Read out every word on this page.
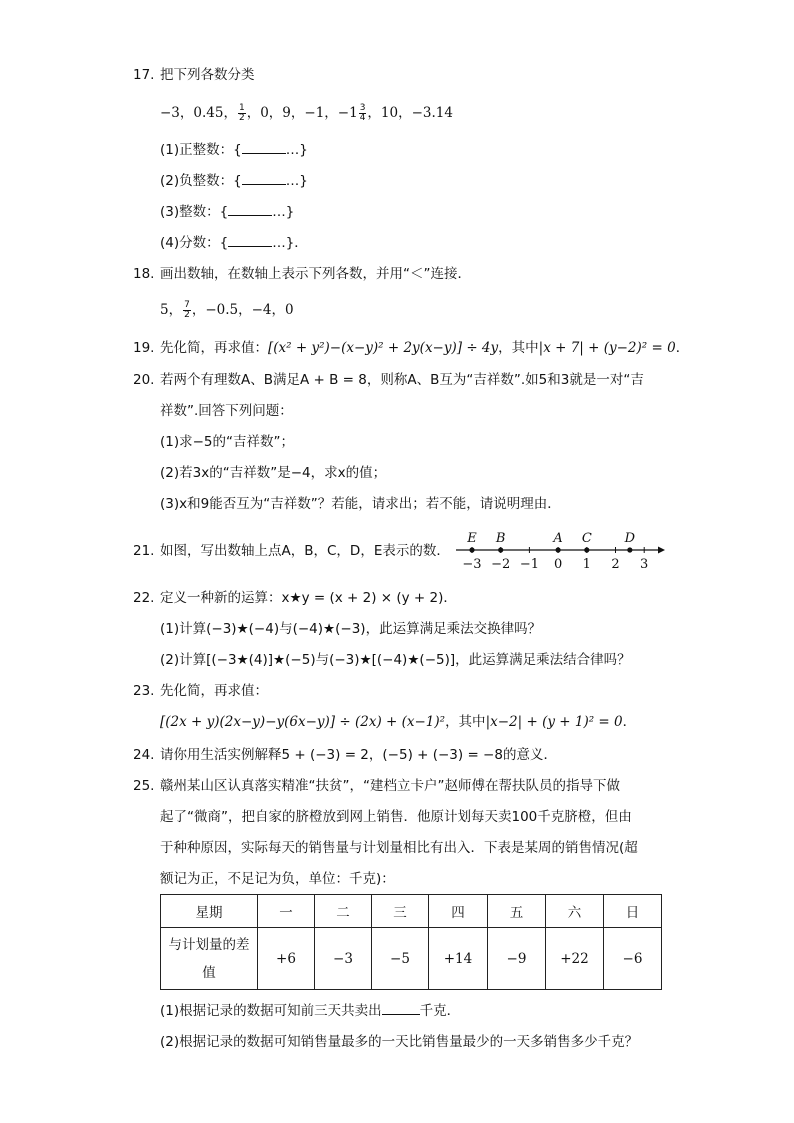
17. 把下列各数分类
−3，0.45， $\frac{1}{2}$ ，0，9，−1，$-1 \frac{3}{4}$ ，10，−3.14
(1)正整数：{	…}
(2)负整数：{	…}
(3)整数：{	…}
(4)分数：{	…}．
18. 画出数轴，在数轴上表示下列各数，并用“＜”连接．
5， $\frac{7}{2}$ ，−0.5，−4，0
19. 先化简，再求值：[(x² + y²)−(x−y)² + 2y(x−y)] ÷ 4y，其中|x + 7| + (y−2)² = 0．
20. 若两个有理数A、B满足A + B = 8，则称A、B互为“吉祥数”.如5和3就是一对“吉
祥数”.回答下列问题：
(1)求−5的“吉祥数”；
(2)若3x的“吉祥数”是−4，求x的值；
(3)x和9能否互为“吉祥数”？若能，请求出；若不能，请说明理由．
21. 如图，写出数轴上点A，B，C，D，E表示的数．
−3 −2 −1 0 1 2 3
E B	A C	D
22. 定义一种新的运算：x★y = (x + 2) × (y + 2)．
(1)计算(−3)★(−4)与(−4)★(−3)，此运算满足乘法交换律吗？
(2)计算[(−3★(4)]★(−5)与(−3)★[(−4)★(−5)]，此运算满足乘法结合律吗？
23. 先化简，再求值：
[(2x + y)(2x−y)−y(6x−y)] ÷ (2x) + (x−1)²，其中|x−2| + (y + 1)² = 0．
24. 请你用生活实例解释5 + (−3) = 2，(−5) + (−3) = −8的意义．
25. 赣州某山区认真落实精准“扶贫”，“建档立卡户”赵师傅在帮扶队员的指导下做
起了“微商”，把自家的脐橙放到网上销售．他原计划每天卖100千克脐橙，但由
于种种原因，实际每天的销售量与计划量相比有出入．下表是某周的销售情况(超
额记为正，不足记为负，单位：千克)：
星期	一	二	三	四	五	六	日
与计划量的差
值	+6	−3	−5	+14	−9	+22	−6
(1)根据记录的数据可知前三天共卖出	千克．
(2)根据记录的数据可知销售量最多的一天比销售量最少的一天多销售多少千克？
